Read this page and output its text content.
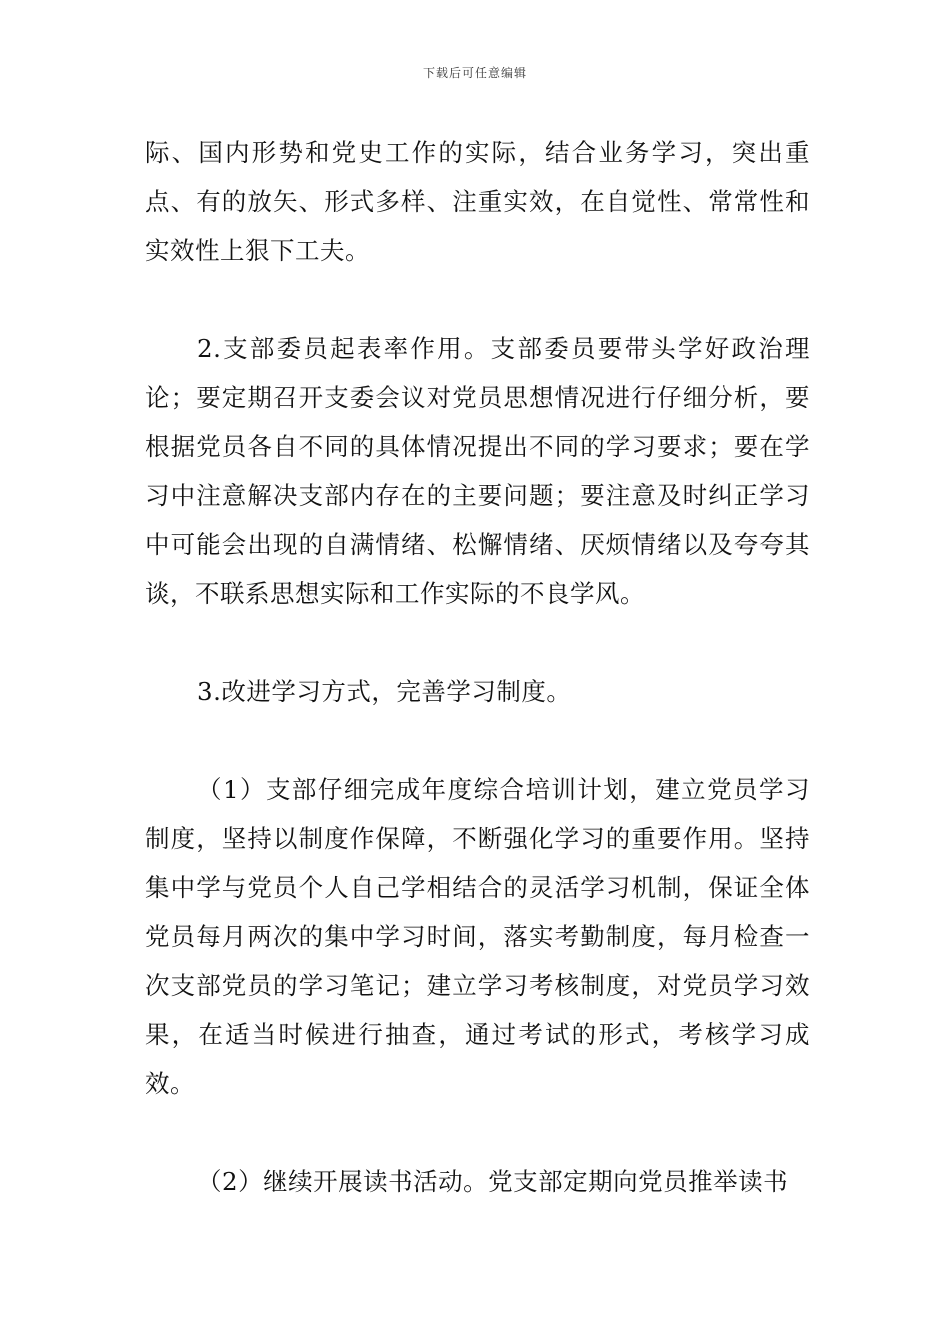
下载后可任意编辑

际、国内形势和党史工作的实际，结合业务学习，突出重点、有的放矢、形式多样、注重实效，在自觉性、常常性和实效性上狠下工夫。

2.支部委员起表率作用。支部委员要带头学好政治理论；要定期召开支委会议对党员思想情况进行仔细分析，要根据党员各自不同的具体情况提出不同的学习要求；要在学习中注意解决支部内存在的主要问题；要注意及时纠正学习中可能会出现的自满情绪、松懈情绪、厌烦情绪以及夸夸其谈，不联系思想实际和工作实际的不良学风。

3.改进学习方式，完善学习制度。

（1）支部仔细完成年度综合培训计划，建立党员学习制度，坚持以制度作保障，不断强化学习的重要作用。坚持集中学与党员个人自己学相结合的灵活学习机制，保证全体党员每月两次的集中学习时间，落实考勤制度，每月检查一次支部党员的学习笔记；建立学习考核制度，对党员学习效果，在适当时候进行抽查，通过考试的形式，考核学习成效。

（2）继续开展读书活动。党支部定期向党员推举读书
